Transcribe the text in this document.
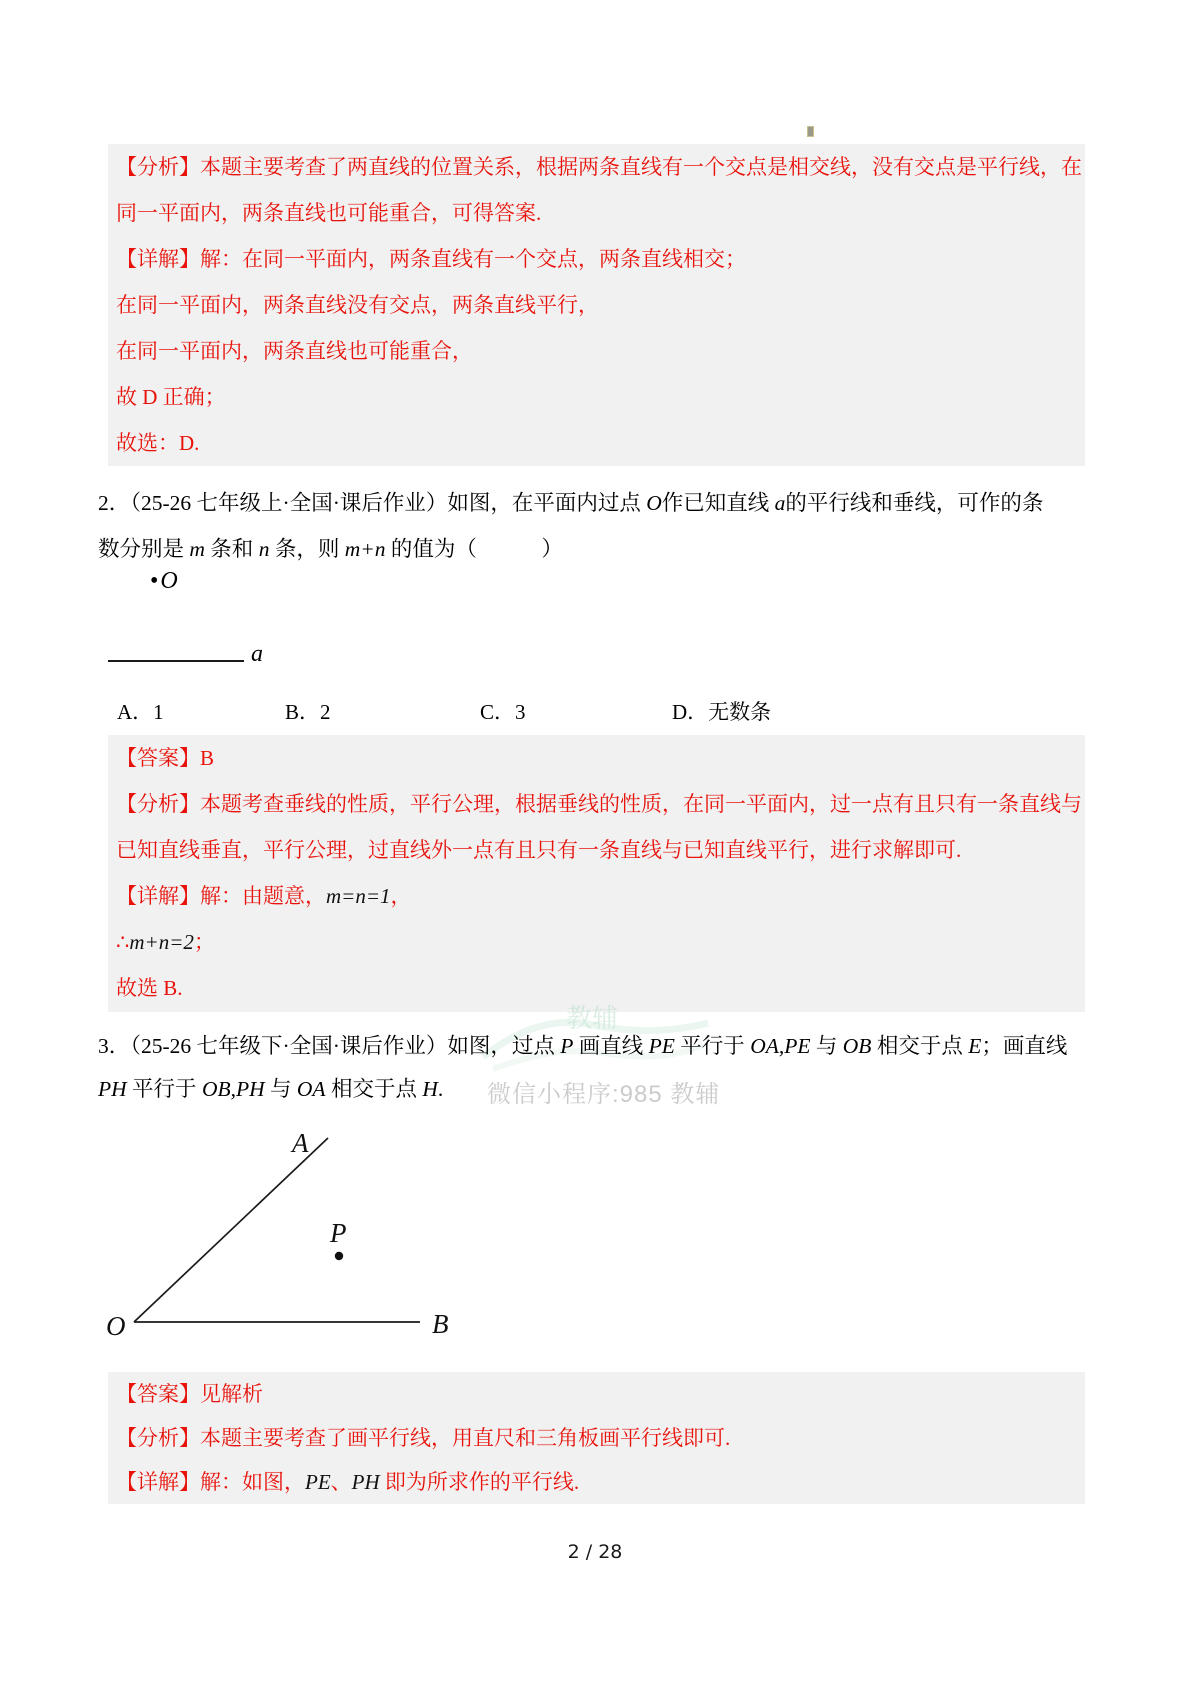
【分析】本题主要考查了两直线的位置关系，根据两条直线有一个交点是相交线，没有交点是平行线，在
同一平面内，两条直线也可能重合，可得答案.
【详解】解：在同一平面内，两条直线有一个交点，两条直线相交；
在同一平面内，两条直线没有交点，两条直线平行，
在同一平面内，两条直线也可能重合，
故 D 正确；
故选：D.
2．（25-26 七年级上·全国·课后作业）如图，在平面内过点 O作已知直线 a的平行线和垂线，可作的条
数分别是 m 条和 n 条，则 m+n 的值为（　　　）
•O
a
A．1	B．2	C．3	D．无数条
【答案】B
【分析】本题考查垂线的性质，平行公理，根据垂线的性质，在同一平面内，过一点有且只有一条直线与
已知直线垂直，平行公理，过直线外一点有且只有一条直线与已知直线平行，进行求解即可.
【详解】解：由题意，m=n=1，
∴m+n=2；
故选 B.
教辅
3．（25-26 七年级下·全国·课后作业）如图，过点 P 画直线 PE 平行于 OA,PE 与 OB 相交于点 E；画直线
PH 平行于 OB,PH 与 OA 相交于点 H.	微信小程序:985 教辅
A
B
O
P
【答案】见解析
【分析】本题主要考查了画平行线，用直尺和三角板画平行线即可.
【详解】解：如图，PE、PH 即为所求作的平行线.
2 / 28
